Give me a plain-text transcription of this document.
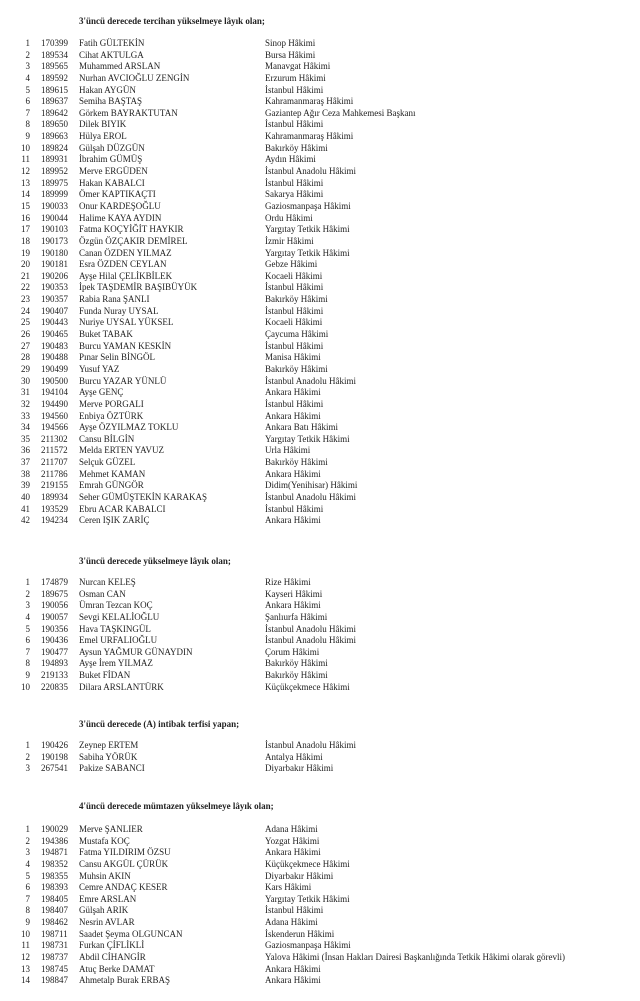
3'üncü derecede tercihan yükselmeye lâyık olan;
1 170399 Fatih GÜLTEKİN	Sinop Hâkimi
2 189534 Cihat AKTULGA	Bursa Hâkimi
3 189565 Muhammed ARSLAN	Manavgat Hâkimi
4 189592 Nurhan AVCIOĞLU ZENGİN	Erzurum Hâkimi
5 189615 Hakan AYGÜN	İstanbul Hâkimi
6 189637 Semiha BAŞTAŞ	Kahramanmaraş Hâkimi
7 189642 Görkem BAYRAKTUTAN	Gaziantep Ağır Ceza Mahkemesi Başkanı
8 189650 Dilek BIYIK	İstanbul Hâkimi
9 189663 Hülya EROL	Kahramanmaraş Hâkimi
10 189824 Gülşah DÜZGÜN	Bakırköy Hâkimi
11 189931 İbrahim GÜMÜŞ	Aydın Hâkimi
12 189952 Merve ERGÜDEN	İstanbul Anadolu Hâkimi
13 189975 Hakan KABALCI	İstanbul Hâkimi
14 189999 Ömer KAPTIKAÇTI	Sakarya Hâkimi
15 190033 Onur KARDEŞOĞLU	Gaziosmanpaşa Hâkimi
16 190044 Halime KAYA AYDIN	Ordu Hâkimi
17 190103 Fatma KOÇYİĞİT HAYKIR	Yargıtay Tetkik Hâkimi
18 190173 Özgün ÖZÇAKIR DEMİREL	İzmir Hâkimi
19 190180 Canan ÖZDEN YILMAZ	Yargıtay Tetkik Hâkimi
20 190181 Esra ÖZDEN CEYLAN	Gebze Hâkimi
21 190206 Ayşe Hilal ÇELİKBİLEK	Kocaeli Hâkimi
22 190353 İpek TAŞDEMİR BAŞIBÜYÜK	İstanbul Hâkimi
23 190357 Rabia Rana ŞANLI	Bakırköy Hâkimi
24 190407 Funda Nuray UYSAL	İstanbul Hâkimi
25 190443 Nuriye UYSAL YÜKSEL	Kocaeli Hâkimi
26 190465 Buket TABAK	Çaycuma Hâkimi
27 190483 Burcu YAMAN KESKİN	İstanbul Hâkimi
28 190488 Pınar Selin BİNGÖL	Manisa Hâkimi
29 190499 Yusuf YAZ	Bakırköy Hâkimi
30 190500 Burcu YAZAR YÜNLÜ	İstanbul Anadolu Hâkimi
31 194104 Ayşe GENÇ	Ankara Hâkimi
32 194490 Merve PORGALI	İstanbul Hâkimi
33 194560 Enbiya ÖZTÜRK	Ankara Hâkimi
34 194566 Ayşe ÖZYILMAZ TOKLU	Ankara Batı Hâkimi
35 211302 Cansu BİLGİN	Yargıtay Tetkik Hâkimi
36 211572 Melda ERTEN YAVUZ	Urla Hâkimi
37 211707 Selçuk GÜZEL	Bakırköy Hâkimi
38 211786 Mehmet KAMAN	Ankara Hâkimi
39 219155 Emrah GÜNGÖR	Didim(Yenihisar) Hâkimi
40 189934 Seher GÜMÜŞTEKİN KARAKAŞ	İstanbul Anadolu Hâkimi
41 193529 Ebru ACAR KABALCI	İstanbul Hâkimi
42 194234 Ceren IŞIK ZARİÇ	Ankara Hâkimi
3'üncü derecede yükselmeye lâyık olan;
1 174879 Nurcan KELEŞ	Rize Hâkimi
2 189675 Osman CAN	Kayseri Hâkimi
3 190056 Ümran Tezcan KOÇ	Ankara Hâkimi
4 190057 Sevgi KELALİOĞLU	Şanlıurfa Hâkimi
5 190356 Hava TAŞKINGÜL	İstanbul Anadolu Hâkimi
6 190436 Emel URFALIOĞLU	İstanbul Anadolu Hâkimi
7 190477 Aysun YAĞMUR GÜNAYDIN	Çorum Hâkimi
8 194893 Ayşe İrem YILMAZ	Bakırköy Hâkimi
9 219133 Buket FİDAN	Bakırköy Hâkimi
10 220835 Dilara ARSLANTÜRK	Küçükçekmece Hâkimi
3'üncü derecede (A) intibak terfisi yapan;
1 190426 Zeynep ERTEM	İstanbul Anadolu Hâkimi
2 190198 Sabiha YÖRÜK	Antalya Hâkimi
3 267541 Pakize SABANCI	Diyarbakır Hâkimi
4'üncü derecede mümtazen yükselmeye lâyık olan;
1 190029 Merve ŞANLIER	Adana Hâkimi
2 194386 Mustafa KOÇ	Yozgat Hâkimi
3 194871 Fatma YILDIRIM ÖZSU	Ankara Hâkimi
4 198352 Cansu AKGÜL ÇÜRÜK	Küçükçekmece Hâkimi
5 198355 Muhsin AKIN	Diyarbakır Hâkimi
6 198393 Cemre ANDAÇ KESER	Kars Hâkimi
7 198405 Emre ARSLAN	Yargıtay Tetkik Hâkimi
8 198407 Gülşah ARIK	İstanbul Hâkimi
9 198462 Nesrin AVLAR	Adana Hâkimi
10 198711 Saadet Şeyma OLGUNCAN	İskenderun Hâkimi
11 198731 Furkan ÇİFLİKLİ	Gaziosmanpaşa Hâkimi
12 198737 Abdil CİHANGİR	Yalova Hâkimi (İnsan Hakları Dairesi Başkanlığında Tetkik Hâkimi olarak görevli)
13 198745 Atuç Berke DAMAT	Ankara Hâkimi
14 198847 Ahmetalp Burak ERBAŞ	Ankara Hâkimi
